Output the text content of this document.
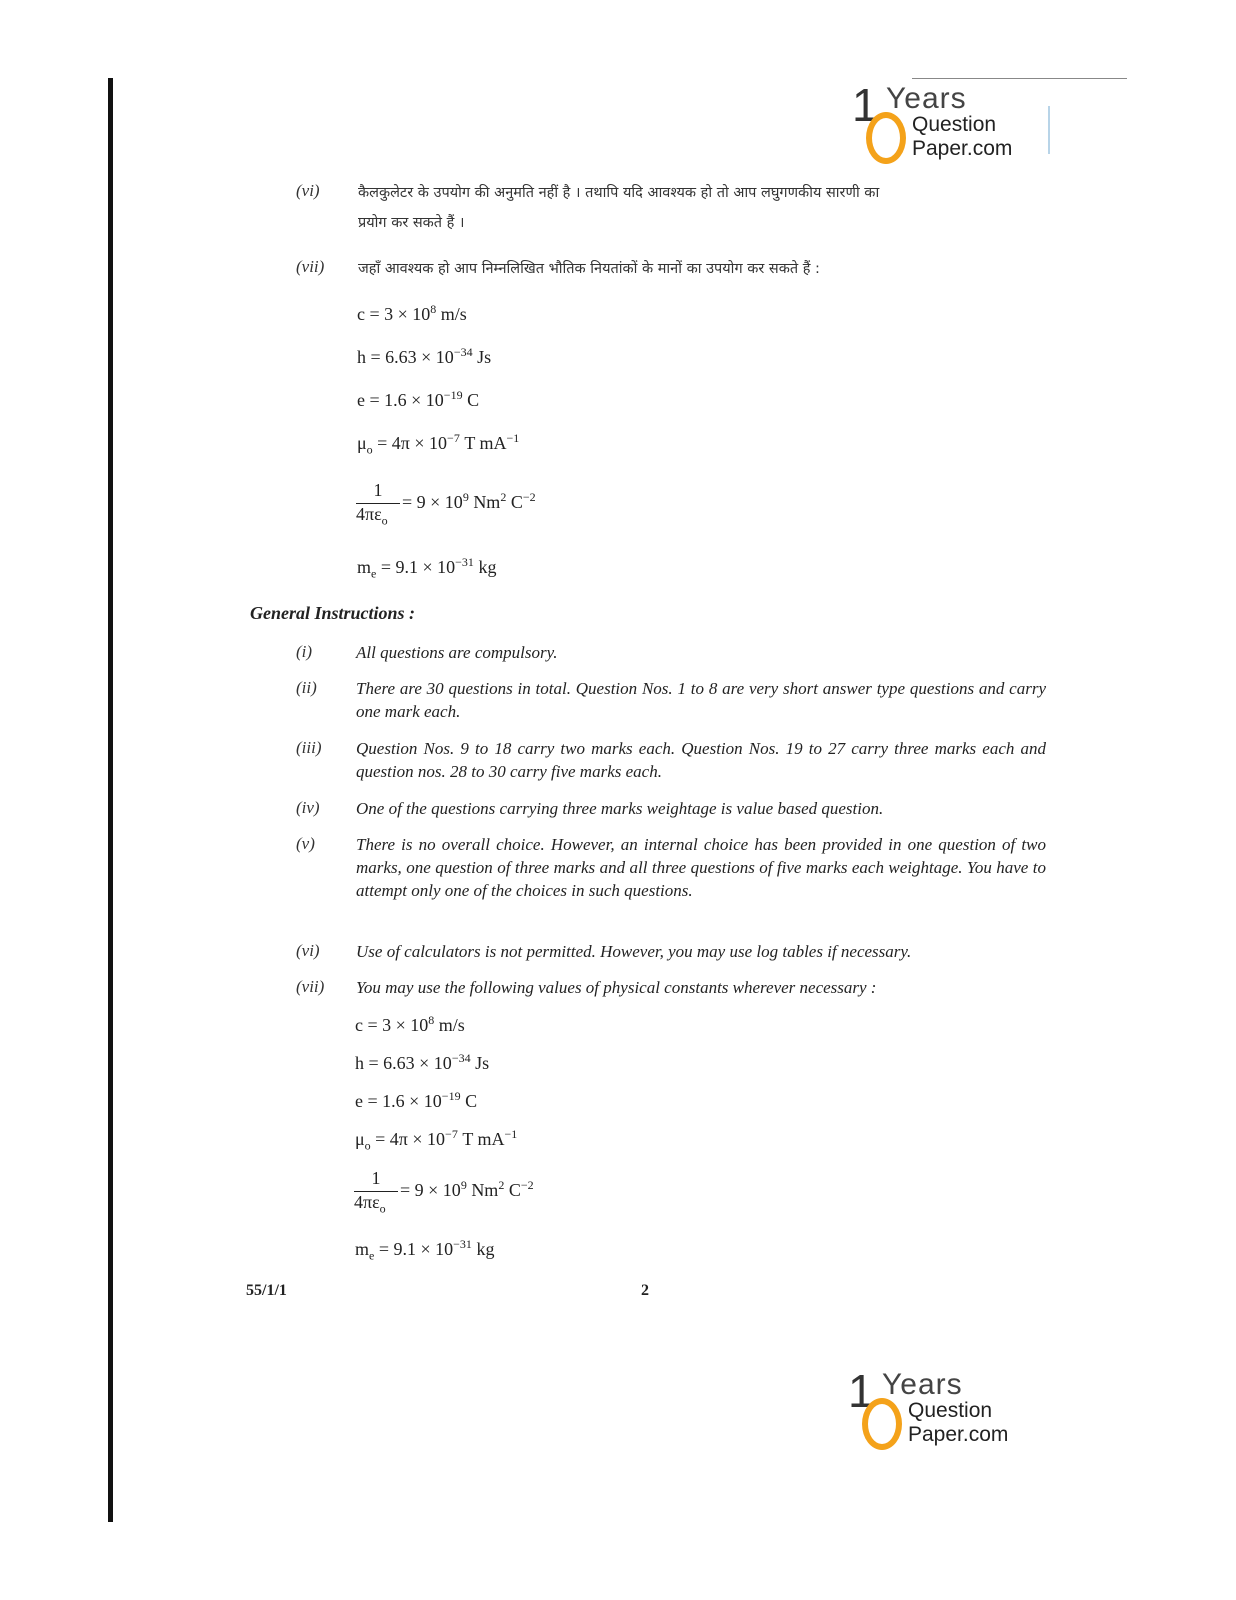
1 Years
Question
Paper.com
(vi)	कैलकुलेटर के उपयोग की अनुमति नहीं है । तथापि यदि आवश्यक हो तो आप लघुगणकीय सारणी का
प्रयोग कर सकते हैं ।
(vii) जहाँ आवश्यक हो आप निम्नलिखित भौतिक नियतांकों के मानों का उपयोग कर सकते हैं :
$c = 3 \times 10^8$ m/s
$h = 6.63 \times 10^{-34}$ Js
$e = 1.6 \times 10^{-19}$ C
$\mu_o = 4\pi \times 10^{-7}$ T $mA^{-1}$
1
$4\pi\varepsilon_o$
= $9 \times 10^9$ Nm$^2$ $C^{-2}$
$m_e = 9.1 \times 10^{-31}$ kg
General Instructions :
(i)	All questions are compulsory.
(ii) There are 30 questions in total. Question Nos. 1 to 8 are very short answer type questions and carry one mark each.
(iii) Question Nos. 9 to 18 carry two marks each. Question Nos. 19 to 27 carry three marks each and question nos. 28 to 30 carry five marks each.
(iv) One of the questions carrying three marks weightage is value based question.
(v) There is no overall choice. However, an internal choice has been provided in one question of two marks, one question of three marks and all three questions of five marks each weightage. You have to attempt only one of the choices in such questions.
(vi) Use of calculators is not permitted. However, you may use log tables if necessary.
(vii) You may use the following values of physical constants wherever necessary :
$c = 3 \times 10^8$ m/s
$h = 6.63 \times 10^{-34}$ Js
$e = 1.6 \times 10^{-19}$ C
$\mu_o = 4\pi \times 10^{-7}$ T $mA^{-1}$
1
$4\pi\varepsilon_o$
= $9 \times 10^9$ Nm$^2$ $C^{-2}$
$m_e = 9.1 \times 10^{-31}$ kg
55/1/1	2
1 Years
Question
Paper.com
